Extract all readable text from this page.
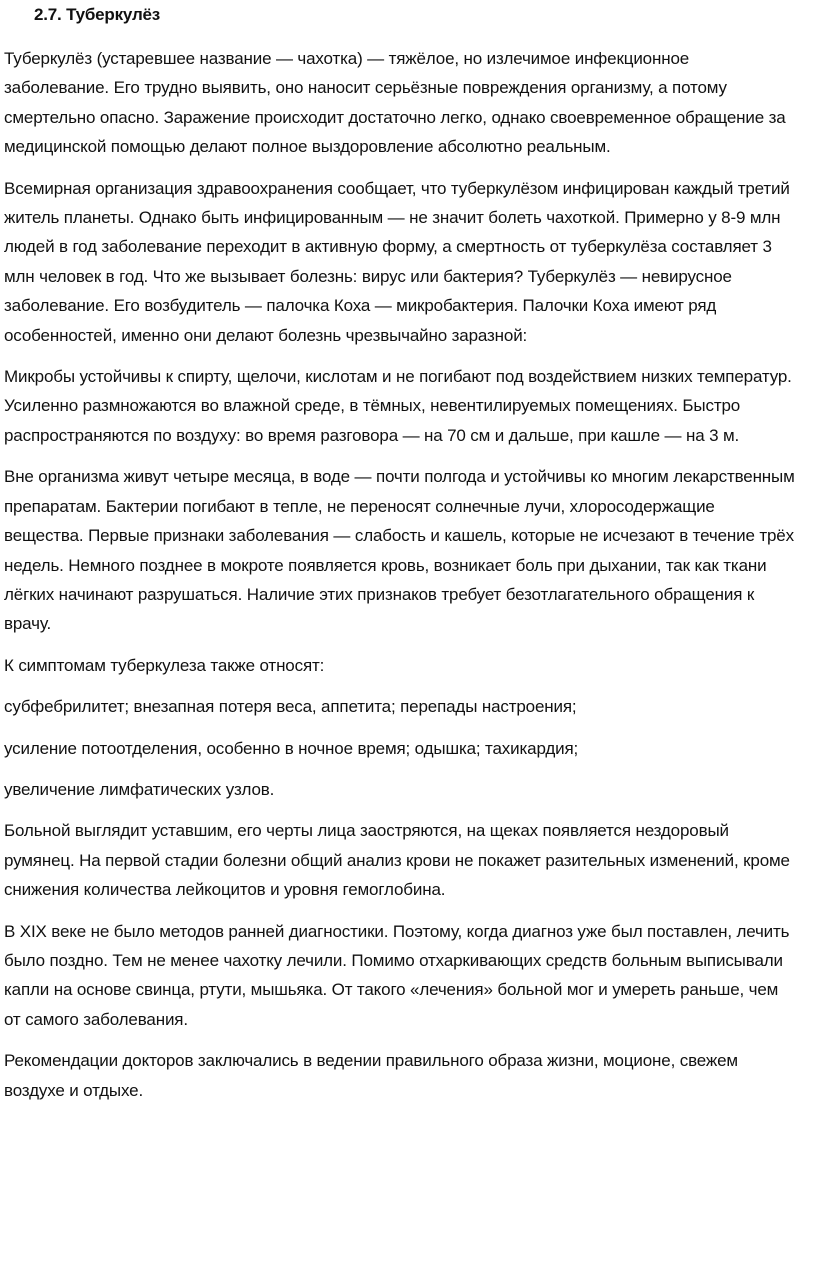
2.7. Туберкулёз

Туберкулёз (устаревшее название — чахотка) — тяжёлое, но излечимое инфекционное заболевание. Его трудно выявить, оно наносит серьёзные повреждения организму, а потому смертельно опасно. Заражение происходит достаточно легко, однако своевременное обращение за медицинской помощью делают полное выздоровление абсолютно реальным.

Всемирная организация здравоохранения сообщает, что туберкулёзом инфицирован каждый третий житель планеты. Однако быть инфицированным — не значит болеть чахоткой. Примерно у 8-9 млн людей в год заболевание переходит в активную форму, а смертность от туберкулёза составляет 3 млн человек в год. Что же вызывает болезнь: вирус или бактерия? Туберкулёз — невирусное заболевание. Его возбудитель — палочка Коха — микробактерия. Палочки Коха имеют ряд особенностей, именно они делают болезнь чрезвычайно заразной:

Микробы устойчивы к спирту, щелочи, кислотам и не погибают под воздействием низких температур. Усиленно размножаются во влажной среде, в тёмных, невентилируемых помещениях. Быстро распространяются по воздуху: во время разговора — на 70 см и дальше, при кашле — на 3 м.

Вне организма живут четыре месяца, в воде — почти полгода и устойчивы ко многим лекарственным препаратам. Бактерии погибают в тепле, не переносят солнечные лучи, хлоросодержащие вещества. Первые признаки заболевания — слабость и кашель, которые не исчезают в течение трёх недель. Немного позднее в мокроте появляется кровь, возникает боль при дыхании, так как ткани лёгких начинают разрушаться. Наличие этих признаков требует безотлагательного обращения к врачу.

К симптомам туберкулеза также относят:

субфебрилитет; внезапная потеря веса, аппетита; перепады настроения;

усиление потоотделения, особенно в ночное время; одышка; тахикардия;

увеличение лимфатических узлов.

Больной выглядит уставшим, его черты лица заостряются, на щеках появляется нездоровый румянец. На первой стадии болезни общий анализ крови не покажет разительных изменений, кроме снижения количества лейкоцитов и уровня гемоглобина.

В XIX веке не было методов ранней диагностики. Поэтому, когда диагноз уже был поставлен, лечить было поздно. Тем не менее чахотку лечили. Помимо отхаркивающих средств больным выписывали капли на основе свинца, ртути, мышьяка. От такого «лечения» больной мог и умереть раньше, чем от самого заболевания.

Рекомендации докторов заключались в ведении правильного образа жизни, моционе, свежем воздухе и отдыхе.
